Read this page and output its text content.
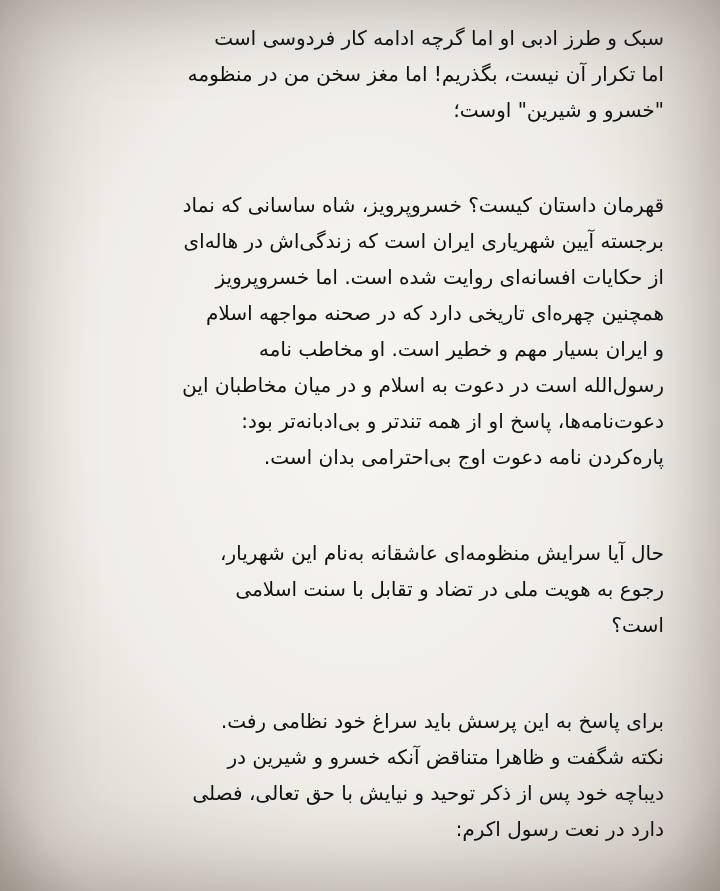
سبک و طرز ادبی او اما گرچه ادامه کار فردوسی است
اما تکرار آن نیست، بگذریم! اما مغز سخن من در منظومه
"خسرو و شیرین" اوست؛
قهرمان داستان کیست؟ خسروپرویز، شاه ساسانی که نماد
برجسته آیین شهریاری ایران است که زندگی‌اش در هاله‌ای
از حکایات افسانه‌ای روایت شده است. اما خسروپرویز
همچنین چهره‌ای تاریخی دارد که در صحنه مواجهه اسلام
و ایران بسیار مهم و خطیر است. او مخاطب نامه
رسول‌الله است در دعوت به اسلام و در میان مخاطبان این
دعوت‌نامه‌ها، پاسخ او از همه تندتر و بی‌ادبانه‌تر بود:
پاره‌کردن نامه دعوت اوج بی‌احترامی بدان است.
حال آیا سرایش منظومه‌ای عاشقانه به‌نام این شهریار،
رجوع به هویت ملی در تضاد و تقابل با سنت اسلامی
است؟
برای پاسخ به این پرسش باید سراغ خود نظامی رفت.
نکته شگفت و ظاهرا متناقض آنکه خسرو و شیرین در
دیباچه خود پس از ذکر توحید و نیایش با حق تعالی، فصلی
دارد در نعت رسول اکرم:
